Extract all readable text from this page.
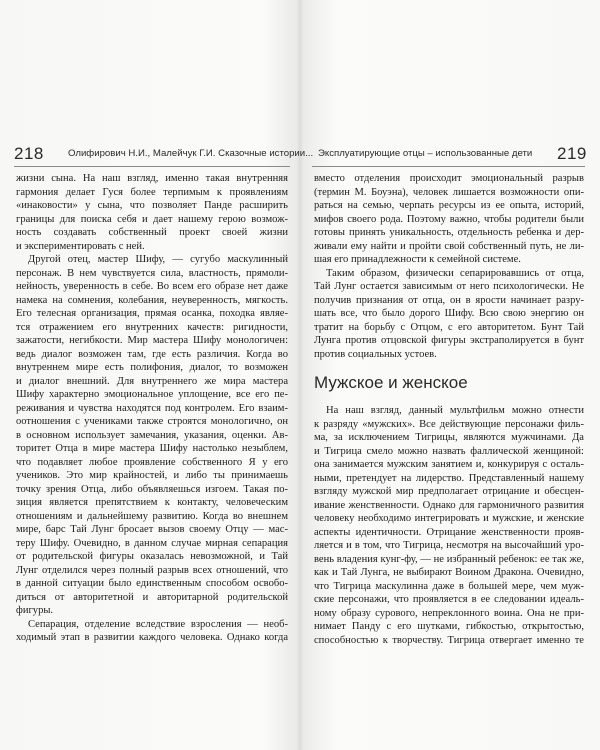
218	Олифирович Н.И., Малейчук Г.И. Сказочные истории... Эксплуатирующие отцы – использованные дети 219
жизни сына. На наш взгляд, именно такая внутренняя
гармония делает Гуся более терпимым к проявлениям
«инаковости» у сына, что позволяет Панде расширить
границы для поиска себя и дает нашему герою возмож-
ность создавать собственный проект своей жизни
и экспериментировать с ней.
Другой отец, мастер Шифу, — сугубо маскулинный
персонаж. В нем чувствуется сила, властность, прямоли-
нейность, уверенность в себе. Во всем его образе нет даже
намека на сомнения, колебания, неуверенность, мягкость.
Его телесная организация, прямая осанка, походка являе-
тся отражением его внутренних качеств: ригидности,
зажатости, негибкости. Мир мастера Шифу монологичен:
ведь диалог возможен там, где есть различия. Когда во
внутреннем мире есть полифония, диалог, то возможен
и диалог внешний. Для внутреннего же мира мастера
Шифу характерно эмоциональное уплощение, все его пе-
реживания и чувства находятся под контролем. Его взаим-
оотношения с учениками также строятся монологично, он
в основном использует замечания, указания, оценки. Ав-
торитет Отца в мире мастера Шифу настолько незыблем,
что подавляет любое проявление собственного Я у его
учеников. Это мир крайностей, и либо ты принимаешь
точку зрения Отца, либо объявляешься изгоем. Такая по-
зиция является препятствием к контакту, человеческим
отношениям и дальнейшему развитию. Когда во внешнем
мире, барс Тай Лунг бросает вызов своему Отцу — мас-
теру Шифу. Очевидно, в данном случае мирная сепарация
от родительской фигуры оказалась невозможной, и Тай
Лунг отделился через полный разрыв всех отношений, что
в данной ситуации было единственным способом освобо-
диться от авторитетной и авторитарной родительской
фигуры.
Сепарация, отделение вследствие взросления — необ-
ходимый этап в развитии каждого человека. Однако когда
вместо отделения происходит эмоциональный разрыв
(термин М. Боуэна), человек лишается возможности опи-
раться на семью, черпать ресурсы из ее опыта, историй,
мифов своего рода. Поэтому важно, чтобы родители были
готовы принять уникальность, отдельность ребенка и дер-
живали ему найти и пройти свой собственный путь, не ли-
шая его принадлежности к семейной системе.
Таким образом, физически сепарировавшись от отца,
Тай Лунг остается зависимым от него психологически. Не
получив признания от отца, он в ярости начинает разру-
шать все, что было дорого Шифу. Всю свою энергию он
тратит на борьбу с Отцом, с его авторитетом. Бунт Тай
Лунга против отцовской фигуры экстраполируется в бунт
против социальных устоев.
Мужское и женское
На наш взгляд, данный мультфильм можно отнести
к разряду «мужских». Все действующие персонажи филь-
ма, за исключением Тигрицы, являются мужчинами. Да
и Тигрица смело можно назвать фаллической женщиной:
она занимается мужским занятием и, конкурируя с осталь-
ными, претендует на лидерство. Представленный нашему
взгляду мужской мир предполагает отрицание и обесцен-
ивание женственности. Однако для гармоничного развития
человеку необходимо интегрировать и мужские, и женские
аспекты идентичности. Отрицание женственности прояв-
ляется и в том, что Тигрица, несмотря на высочайший уро-
вень владения кунг-фу, — не избранный ребенок: ее так же,
как и Тай Лунга, не выбирают Воином Дракона. Очевидно,
что Тигрица маскулинна даже в большей мере, чем муж-
ские персонажи, что проявляется в ее следовании идеаль-
ному образу сурового, непреклонного воина. Она не при-
нимает Панду с его шутками, гибкостью, открытостью,
способностью к творчеству. Тигрица отвергает именно те
